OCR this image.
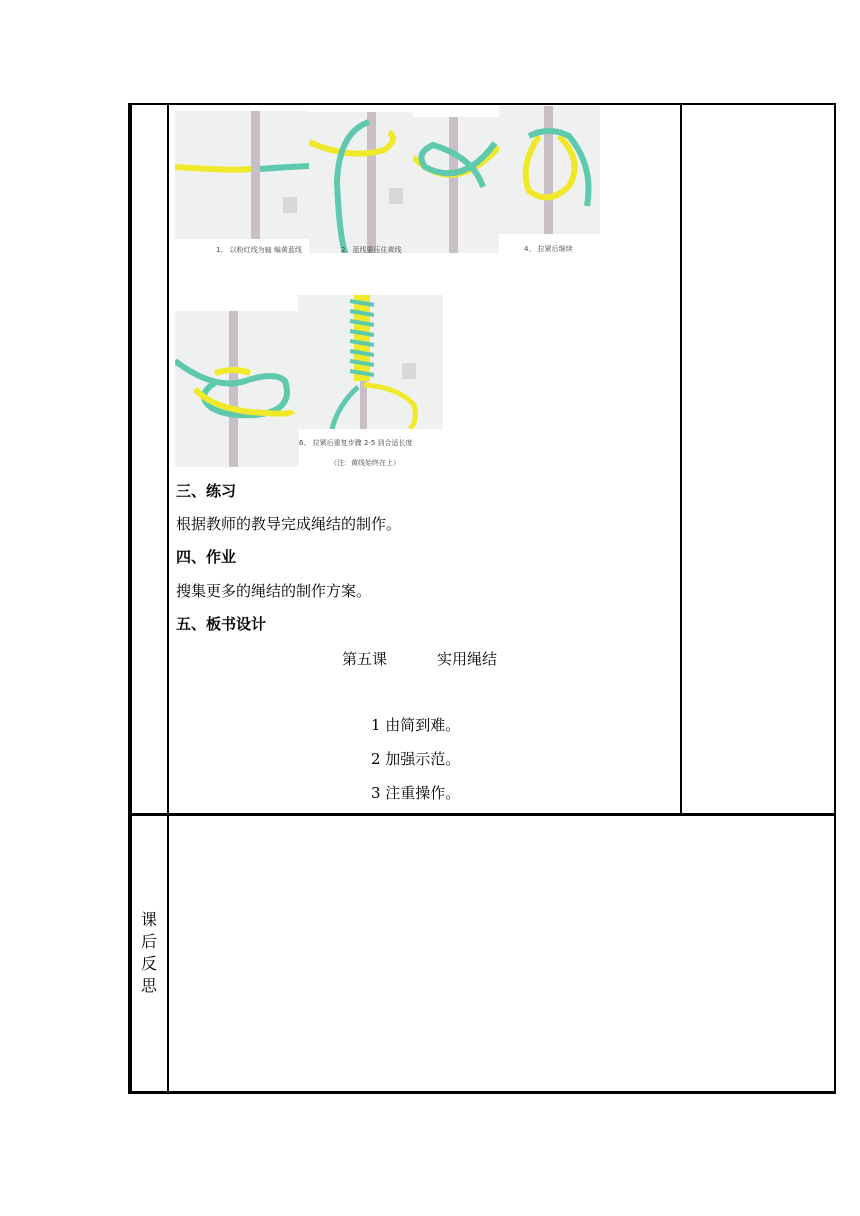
1、 以粉红线为轴 编黄蓝线	2、蓝线要压住黄线	4、 拉紧后继续
6、 拉紧后重复步骤 2-5 到合适长度
（注：黄线始终在上）
三、练习
根据教师的教导完成绳结的制作。
四、作业
搜集更多的绳结的制作方案。
五、板书设计
第五课	实用绳结
1 由简到难。
2 加强示范。
3 注重操作。
课
后
反
思
